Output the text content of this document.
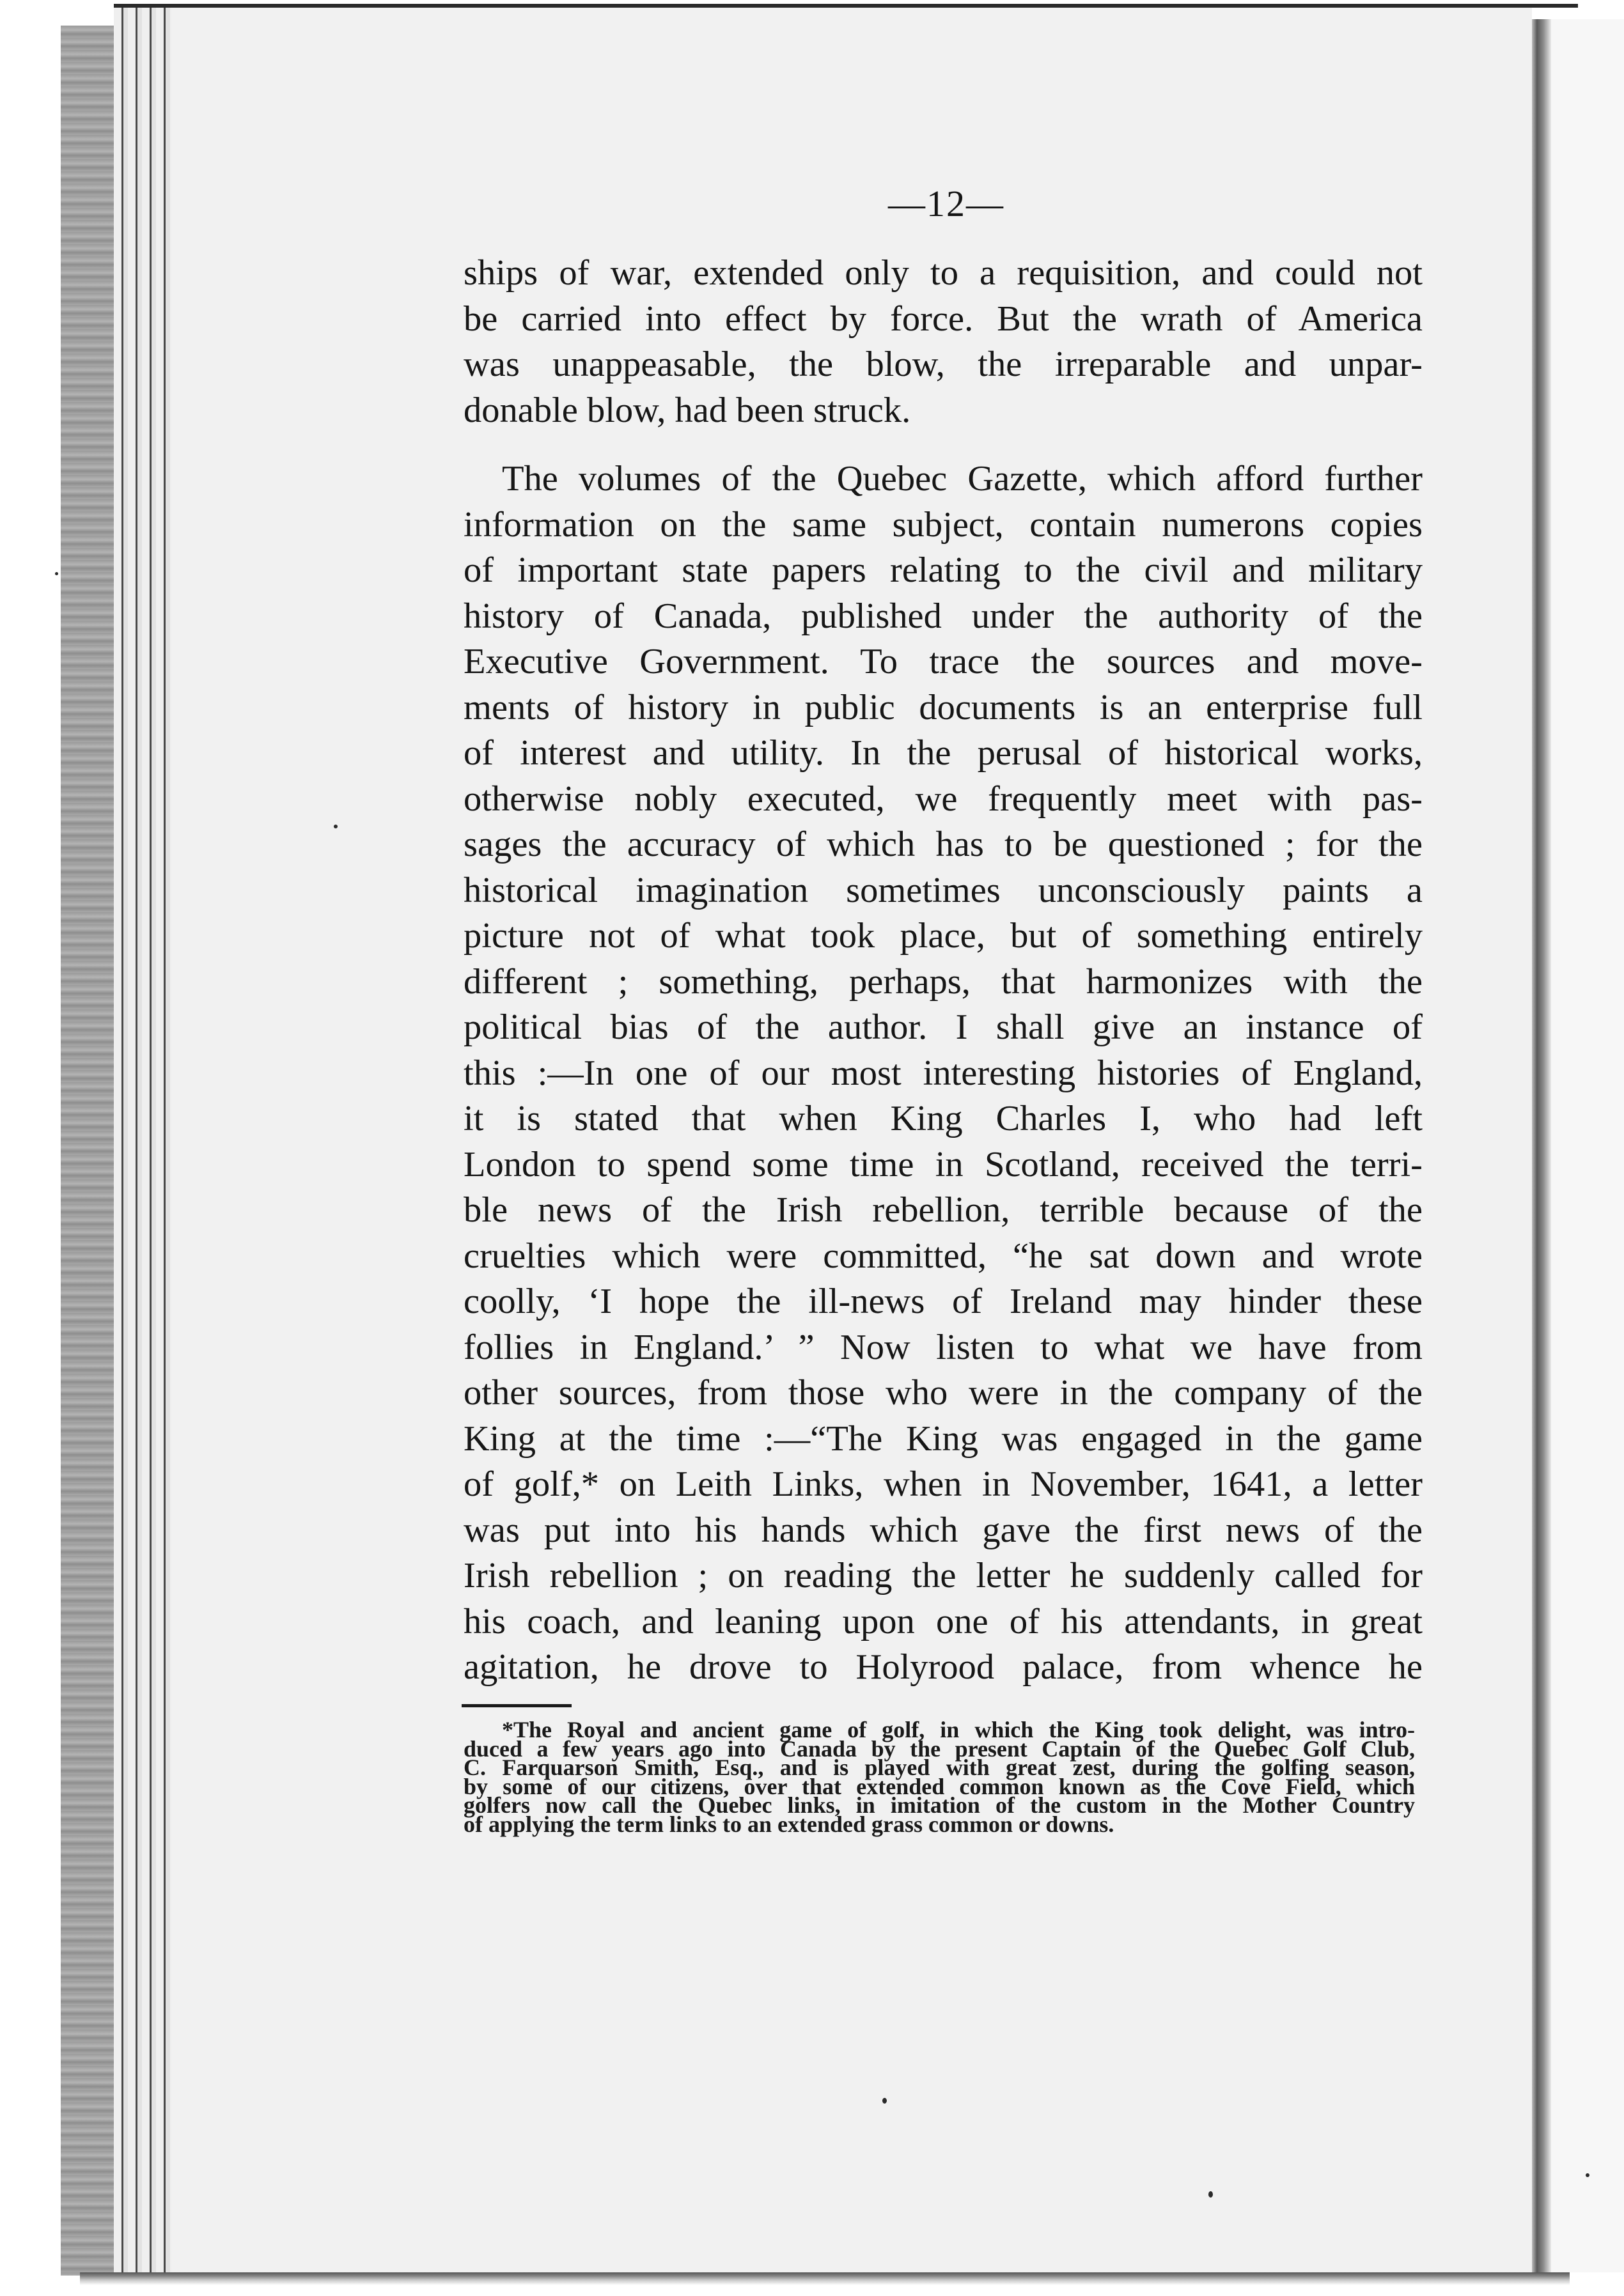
—12—
ships of war, extended only to a requisition, and could not
be carried into effect by force. But the wrath of America
was unappeasable, the blow, the irreparable and unpar-
donable blow, had been struck.
The volumes of the Quebec Gazette, which afford further
information on the same subject, contain numerons copies
of important state papers relating to the civil and military
history of Canada, published under the authority of the
Executive Government. To trace the sources and move-
ments of history in public documents is an enterprise full
of interest and utility. In the perusal of historical works,
otherwise nobly executed, we frequently meet with pas-
sages the accuracy of which has to be questioned ; for the
historical imagination sometimes unconsciously paints a
picture not of what took place, but of something entirely
different ; something, perhaps, that harmonizes with the
political bias of the author. I shall give an instance of
this :—In one of our most interesting histories of England,
it is stated that when King Charles I, who had left
London to spend some time in Scotland, received the terri-
ble news of the Irish rebellion, terrible because of the
cruelties which were committed, “he sat down and wrote
coolly, ‘I hope the ill-news of Ireland may hinder these
follies in England.’ ” Now listen to what we have from
other sources, from those who were in the company of the
King at the time :—“The King was engaged in the game
of golf,* on Leith Links, when in November, 1641, a letter
was put into his hands which gave the first news of the
Irish rebellion ; on reading the letter he suddenly called for
his coach, and leaning upon one of his attendants, in great
agitation, he drove to Holyrood palace, from whence he
*The Royal and ancient game of golf, in which the King took delight, was intro-
duced a few years ago into Canada by the present Captain of the Quebec Golf Club,
C. Farquarson Smith, Esq., and is played with great zest, during the golfing season,
by some of our citizens, over that extended common known as the Cove Field, which
golfers now call the Quebec links, in imitation of the custom in the Mother Country
of applying the term links to an extended grass common or downs.
